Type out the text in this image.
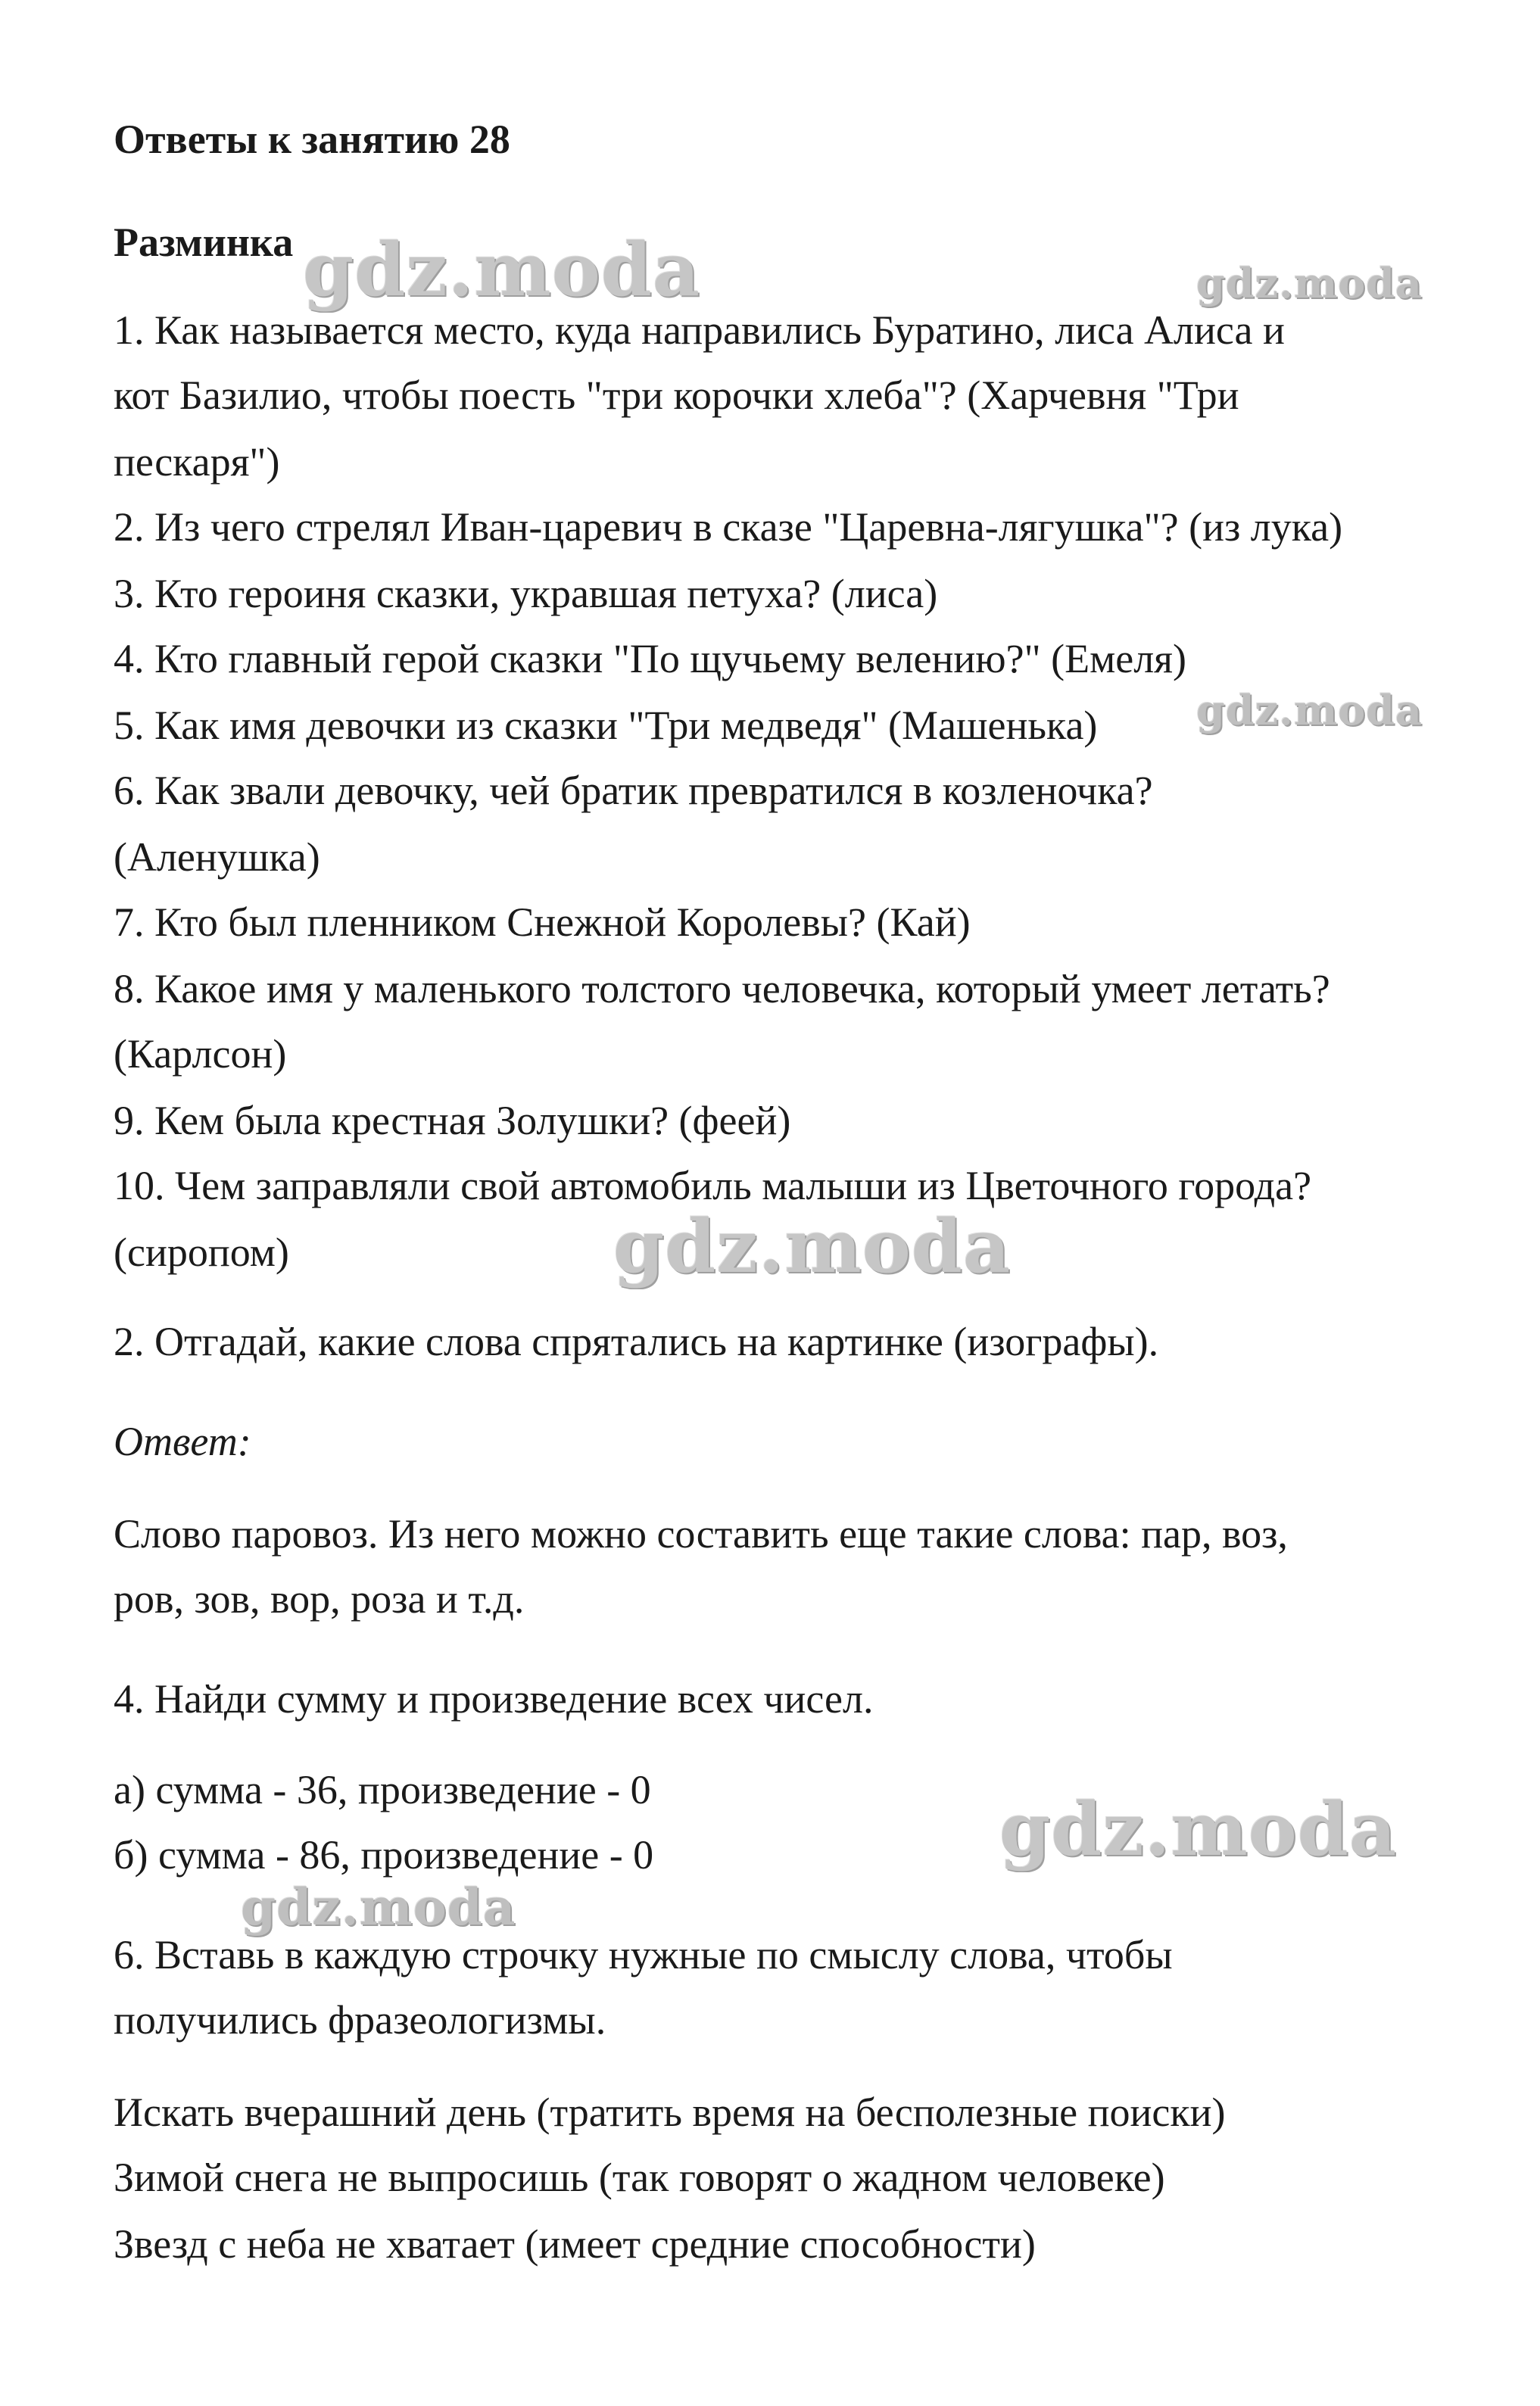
Ответы к занятию 28
Разминка
1. Как называется место, куда направились Буратино, лиса Алиса и
кот Базилио, чтобы поесть "три корочки хлеба"? (Харчевня "Три
пескаря")
2. Из чего стрелял Иван-царевич в сказе "Царевна-лягушка"? (из лука)
3. Кто героиня сказки, укравшая петуха? (лиса)
4. Кто главный герой сказки "По щучьему велению?" (Емеля)
5. Как имя девочки из сказки "Три медведя" (Машенька)
6. Как звали девочку, чей братик превратился в козленочка?
(Аленушка)
7. Кто был пленником Снежной Королевы? (Кай)
8. Какое имя у маленького толстого человечка, который умеет летать?
(Карлсон)
9. Кем была крестная Золушки? (феей)
10. Чем заправляли свой автомобиль малыши из Цветочного города?
(сиропом)
2. Отгадай, какие слова спрятались на картинке (изографы).
Ответ:
Слово паровоз. Из него можно составить еще такие слова: пар, воз,
ров, зов, вор, роза и т.д.
4. Найди сумму и произведение всех чисел.
а) сумма - 36, произведение - 0
б) сумма - 86, произведение - 0
6. Вставь в каждую строчку нужные по смыслу слова, чтобы
получились фразеологизмы.
Искать вчерашний день (тратить время на бесполезные поиски)
Зимой снега не выпросишь (так говорят о жадном человеке)
Звезд с неба не хватает (имеет средние способности)
gdz.moda	gdz.moda
gdz.moda
gdz.moda
gdz.moda
gdz.moda
